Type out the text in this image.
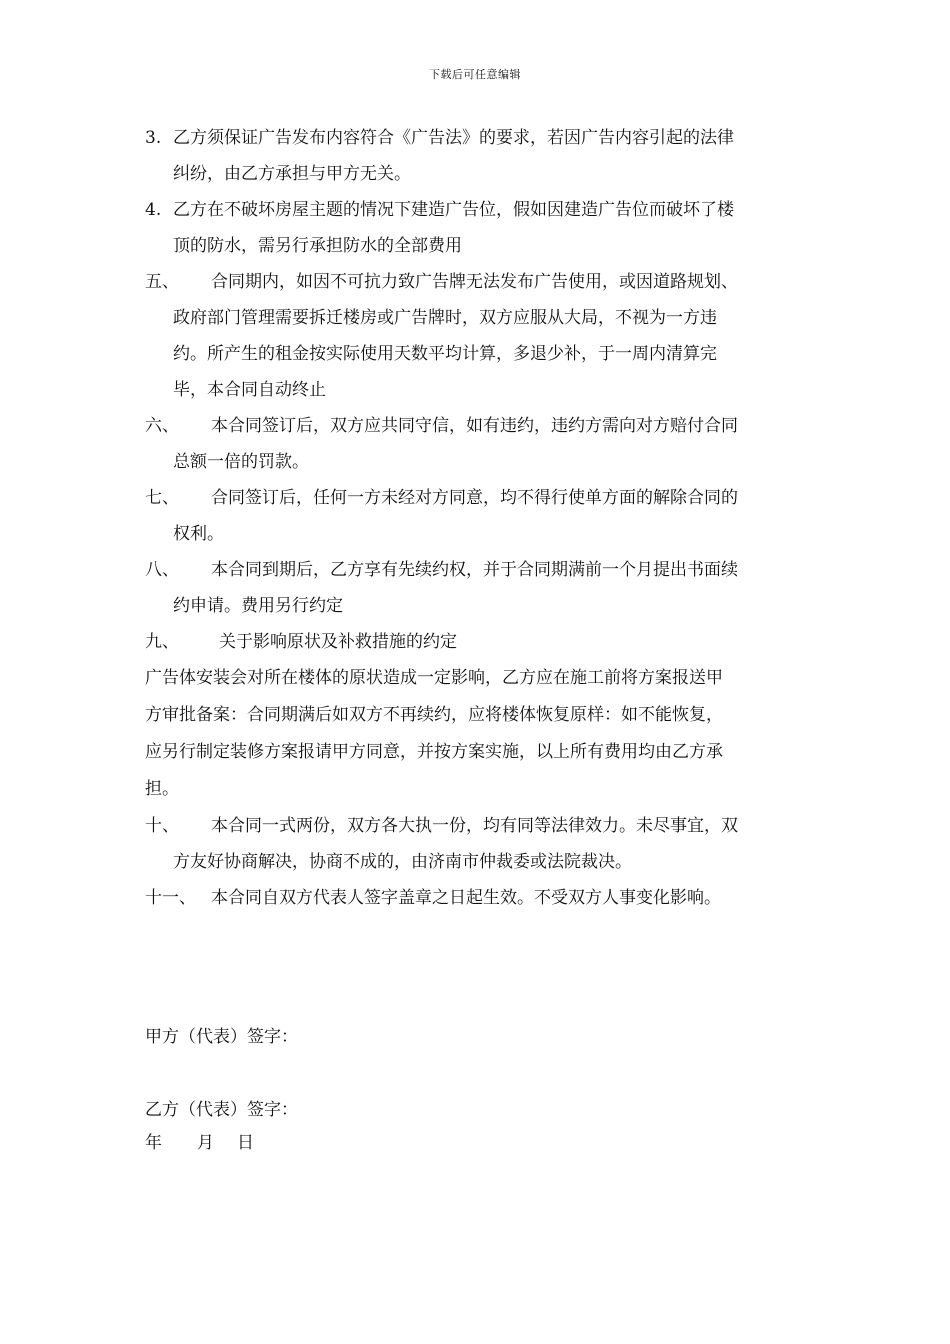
下载后可任意编辑
3. 乙方须保证广告发布内容符合《广告法》的要求，若因广告内容引起的法律
纠纷，由乙方承担与甲方无关。
4. 乙方在不破坏房屋主题的情况下建造广告位，假如因建造广告位而破坏了楼
顶的防水，需另行承担防水的全部费用
五、 合同期内，如因不可抗力致广告牌无法发布广告使用，或因道路规划、
政府部门管理需要拆迁楼房或广告牌时，双方应服从大局，不视为一方违
约。所产生的租金按实际使用天数平均计算，多退少补，于一周内清算完
毕，本合同自动终止
六、 本合同签订后，双方应共同守信，如有违约，违约方需向对方赔付合同
总额一倍的罚款。
七、 合同签订后，任何一方未经对方同意，均不得行使单方面的解除合同的
权利。
八、 本合同到期后，乙方享有先续约权，并于合同期满前一个月提出书面续
约申请。费用另行约定
九、 关于影响原状及补救措施的约定
广告体安装会对所在楼体的原状造成一定影响，乙方应在施工前将方案报送甲
方审批备案：合同期满后如双方不再续约，应将楼体恢复原样：如不能恢复，
应另行制定装修方案报请甲方同意，并按方案实施，以上所有费用均由乙方承
担。
十、 本合同一式两份，双方各大执一份，均有同等法律效力。未尽事宜，双
方友好协商解决，协商不成的，由济南市仲裁委或法院裁决。
十一、 本合同自双方代表人签字盖章之日起生效。不受双方人事变化影响。
甲方（代表）签字：
乙方（代表）签字：
年 月 日
